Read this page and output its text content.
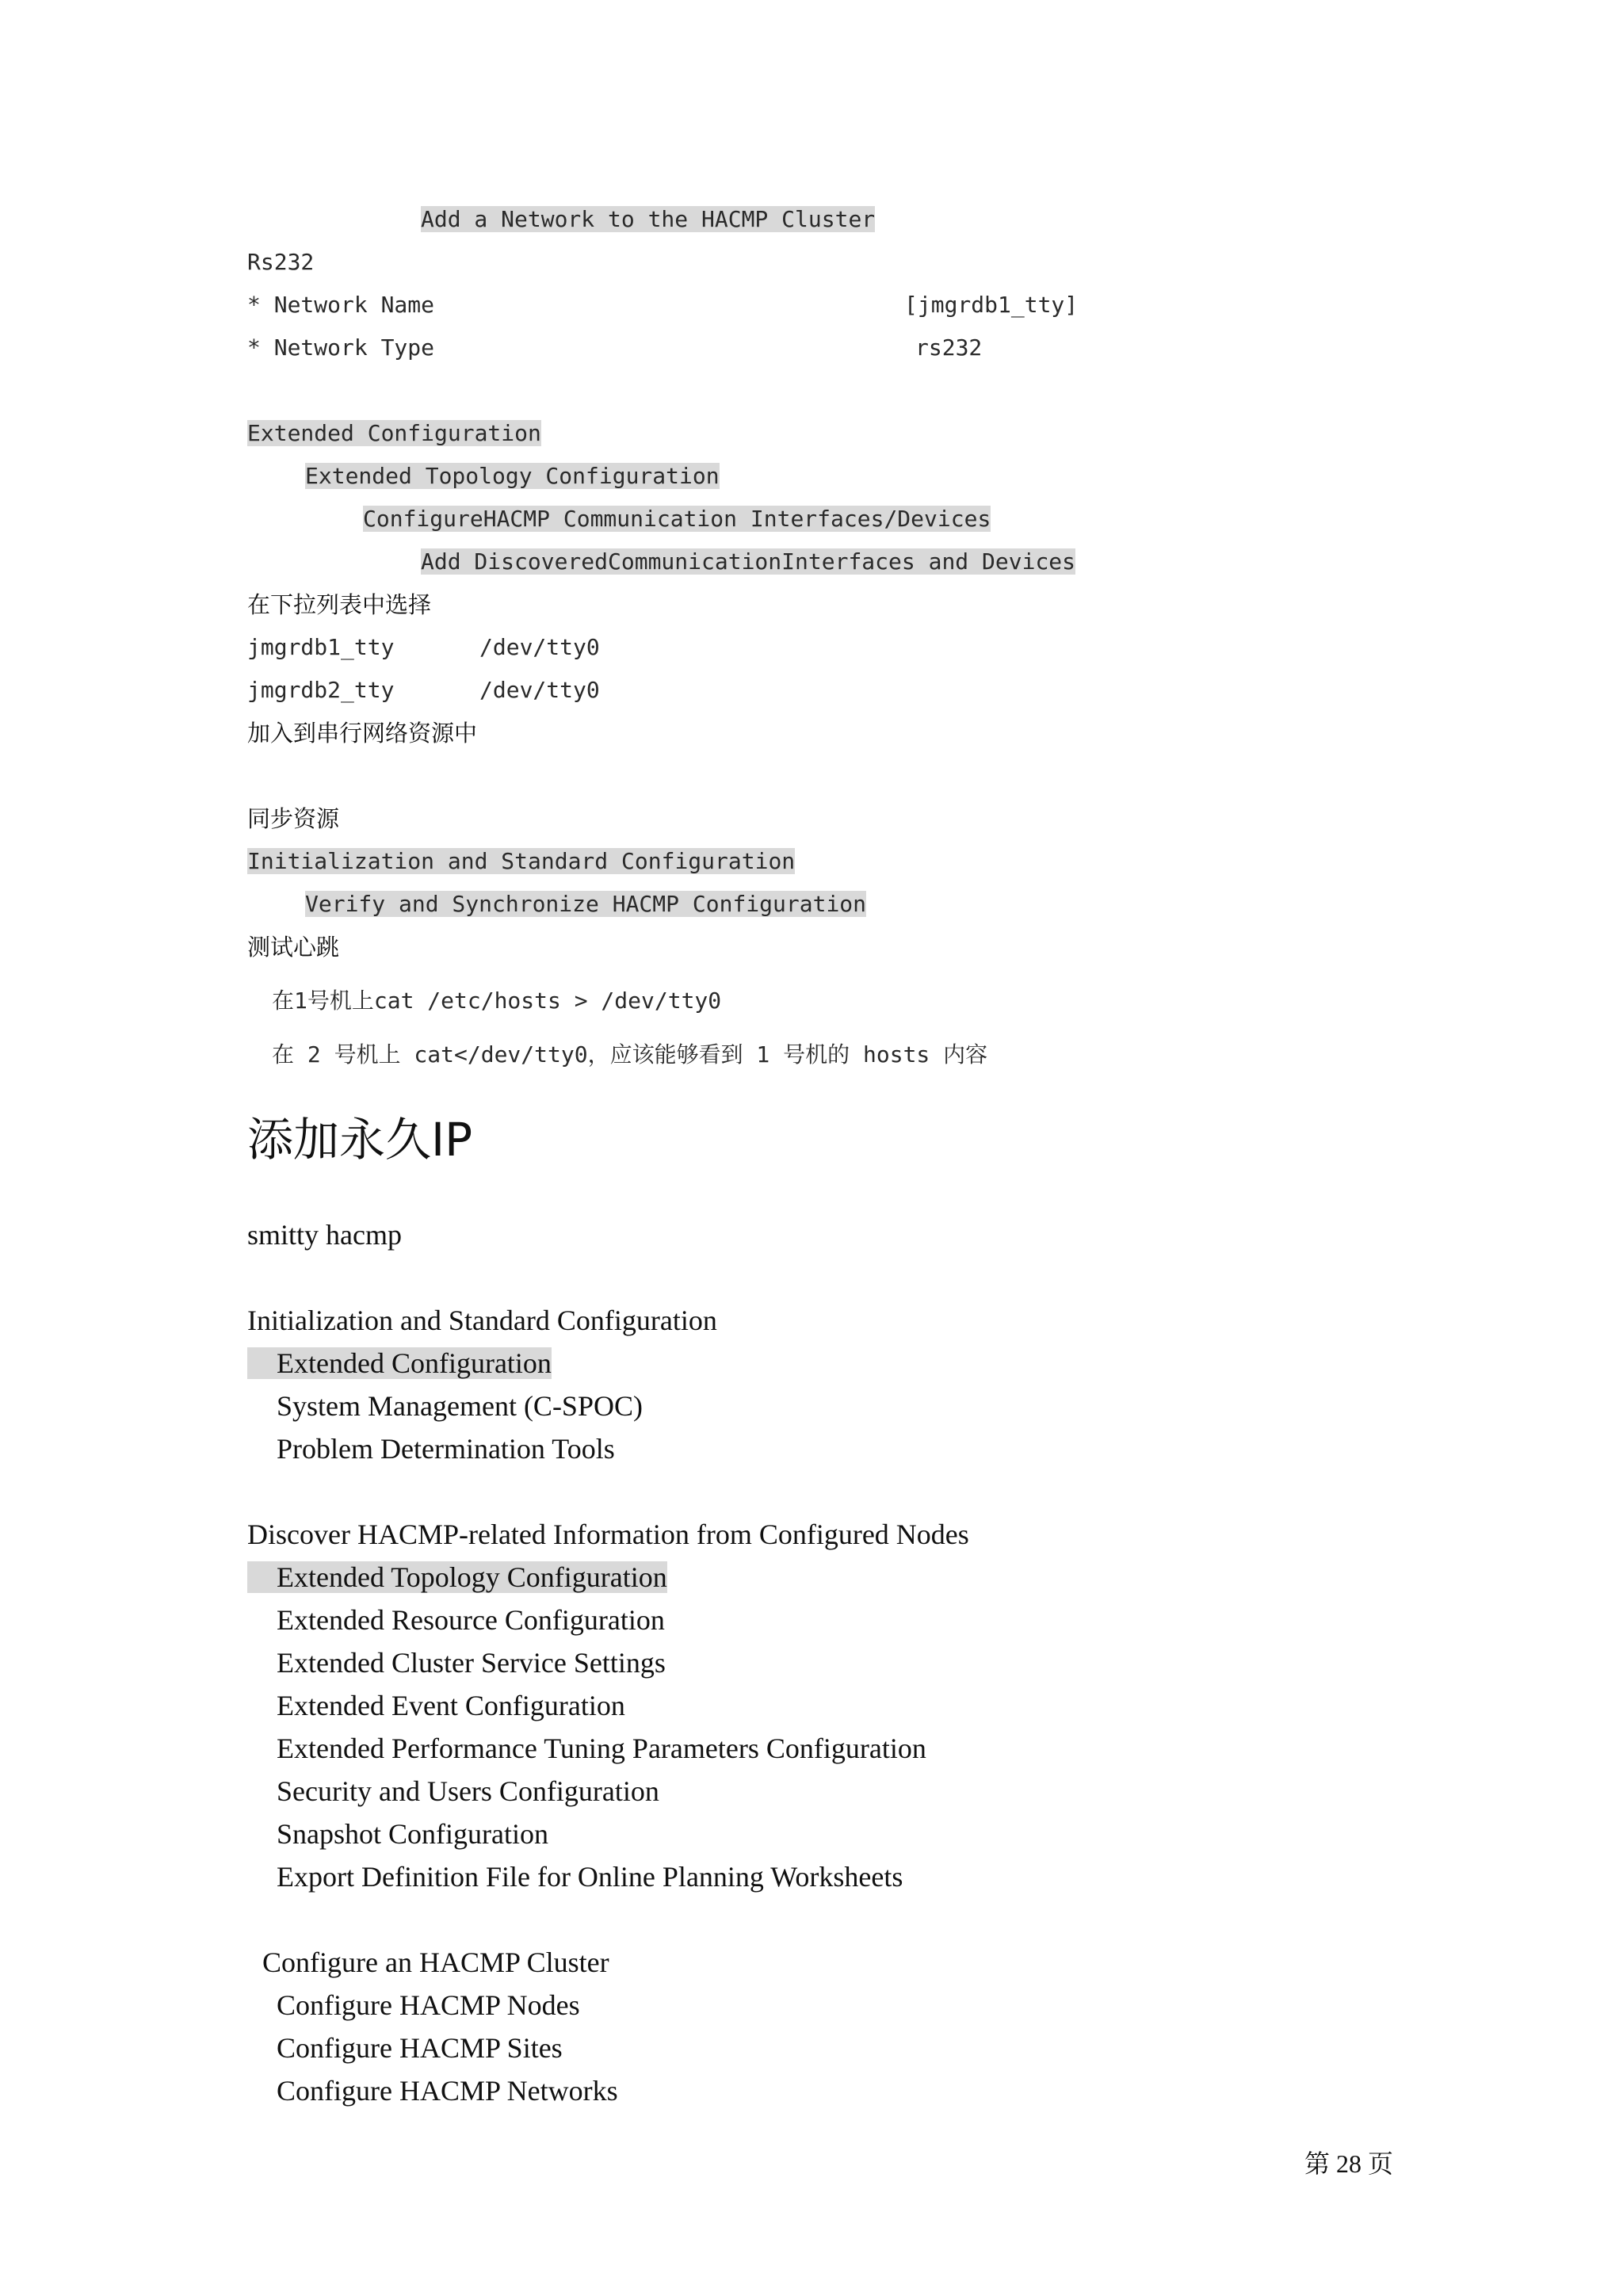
Add a Network to the HACMP Cluster
Rs232
* Network Name	[jmgrdb1_tty]
* Network Type	rs232
Extended Configuration
Extended Topology Configuration
ConfigureHACMP Communication Interfaces/Devices
Add DiscoveredCommunicationInterfaces and Devices
在下拉列表中选择
jmgrdb1_tty	/dev/tty0
jmgrdb2_tty	/dev/tty0
加入到串行网络资源中
同步资源
Initialization and Standard Configuration
Verify and Synchronize HACMP Configuration
测试心跳
在1号机上cat /etc/hosts > /dev/tty0
在 2 号机上 cat</dev/tty0，应该能够看到 1 号机的 hosts 内容
添加永久IP
smitty hacmp
Initialization and Standard Configuration
Extended Configuration
System Management (C-SPOC)
Problem Determination Tools
Discover HACMP-related Information from Configured Nodes
Extended Topology Configuration
Extended Resource Configuration
Extended Cluster Service Settings
Extended Event Configuration
Extended Performance Tuning Parameters Configuration
Security and Users Configuration
Snapshot Configuration
Export Definition File for Online Planning Worksheets
Configure an HACMP Cluster
Configure HACMP Nodes
Configure HACMP Sites
Configure HACMP Networks
第 28 页
